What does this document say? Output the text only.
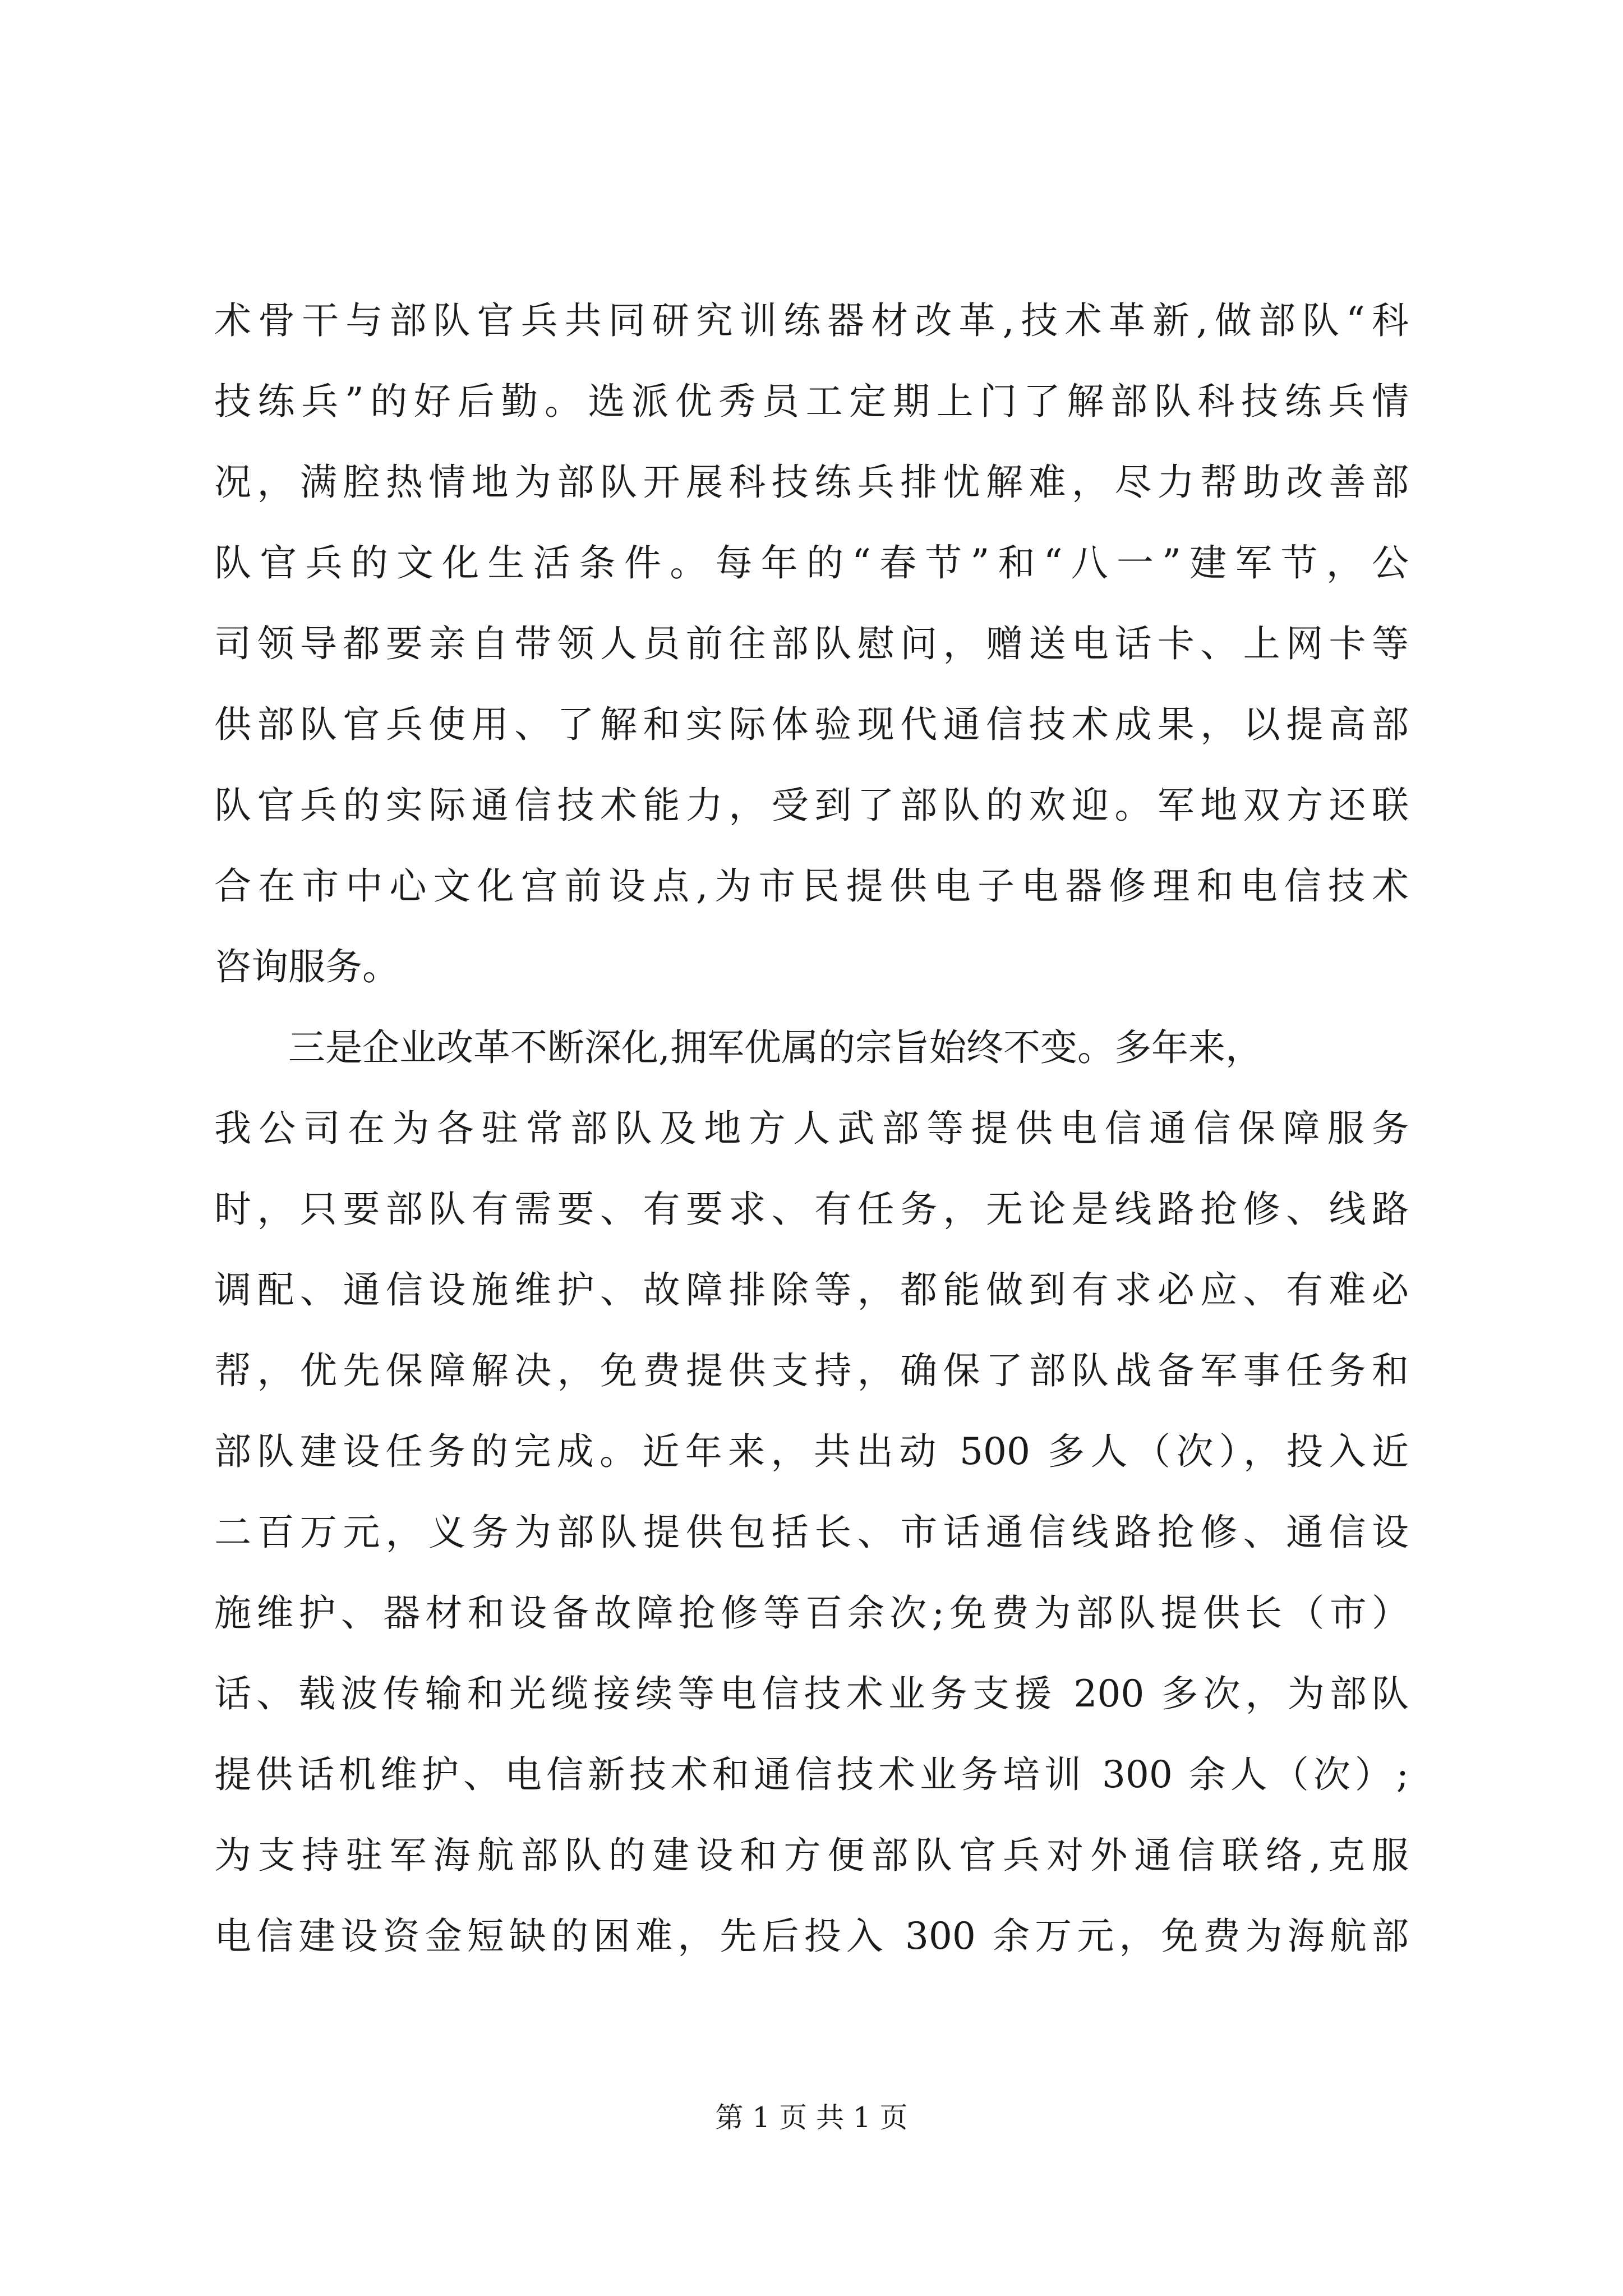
术骨干与部队官兵共同研究训练器材改革,技术革新,做部队“科
技练兵”的好后勤。选派优秀员工定期上门了解部队科技练兵情
况，满腔热情地为部队开展科技练兵排忧解难，尽力帮助改善部
队官兵的文化生活条件。每年的“春节”和“八一”建军节，公
司领导都要亲自带领人员前往部队慰问，赠送电话卡、上网卡等
供部队官兵使用、了解和实际体验现代通信技术成果，以提高部
队官兵的实际通信技术能力，受到了部队的欢迎。军地双方还联
合在市中心文化宫前设点,为市民提供电子电器修理和电信技术
咨询服务。
三是企业改革不断深化,拥军优属的宗旨始终不变。多年来，
我公司在为各驻常部队及地方人武部等提供电信通信保障服务
时，只要部队有需要、有要求、有任务，无论是线路抢修、线路
调配、通信设施维护、故障排除等，都能做到有求必应、有难必
帮，优先保障解决，免费提供支持，确保了部队战备军事任务和
部队建设任务的完成。近年来，共出动 500 多人（次），投入近
二百万元，义务为部队提供包括长、市话通信线路抢修、通信设
施维护、器材和设备故障抢修等百余次;免费为部队提供长（市）
话、载波传输和光缆接续等电信技术业务支援 200 多次，为部队
提供话机维护、电信新技术和通信技术业务培训 300 余人（次）;
为支持驻军海航部队的建设和方便部队官兵对外通信联络,克服
电信建设资金短缺的困难，先后投入 300 余万元，免费为海航部
第 1 页 共 1 页
